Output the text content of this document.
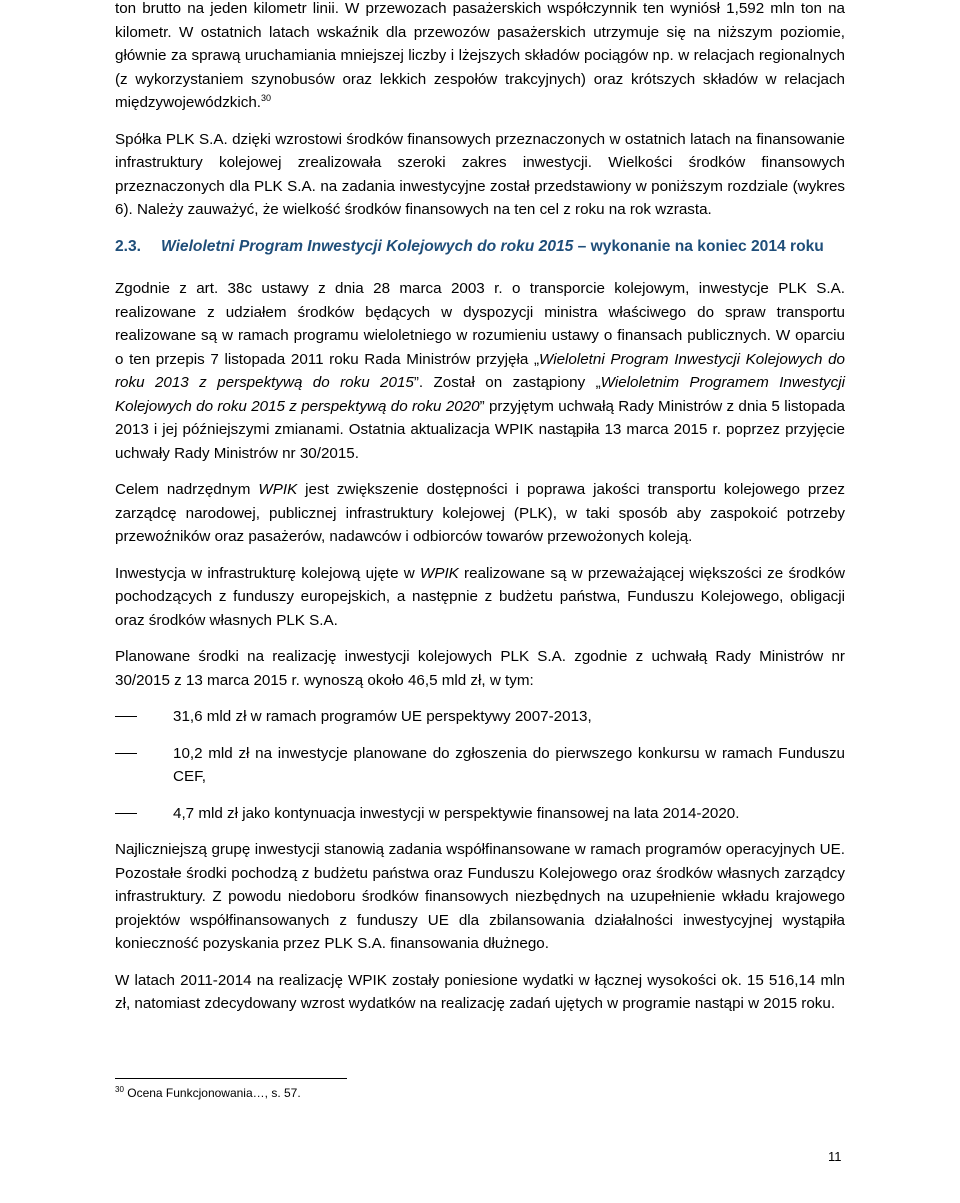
ton brutto na jeden kilometr linii. W przewozach pasażerskich współczynnik ten wyniósł 1,592 mln ton na kilometr. W ostatnich latach wskaźnik dla przewozów pasażerskich utrzymuje się na niższym poziomie, głównie za sprawą uruchamiania mniejszej liczby i lżejszych składów pociągów np. w relacjach regionalnych (z wykorzystaniem szynobusów oraz lekkich zespołów trakcyjnych) oraz krótszych składów w relacjach międzywojewódzkich.$^{30}$

Spółka PLK S.A. dzięki wzrostowi środków finansowych przeznaczonych w ostatnich latach na finansowanie infrastruktury kolejowej zrealizowała szeroki zakres inwestycji. Wielkości środków finansowych przeznaczonych dla PLK S.A. na zadania inwestycyjne został przedstawiony w poniższym rozdziale (wykres 6). Należy zauważyć, że wielkość środków finansowych na ten cel z roku na rok wzrasta.

2.3. Wieloletni Program Inwestycji Kolejowych do roku 2015 – wykonanie na koniec 2014 roku

Zgodnie z art. 38c ustawy z dnia 28 marca 2003 r. o transporcie kolejowym, inwestycje PLK S.A. realizowane z udziałem środków będących w dyspozycji ministra właściwego do spraw transportu realizowane są w ramach programu wieloletniego w rozumieniu ustawy o finansach publicznych. W oparciu o ten przepis 7 listopada 2011 roku Rada Ministrów przyjęła „Wieloletni Program Inwestycji Kolejowych do roku 2013 z perspektywą do roku 2015”. Został on zastąpiony „Wieloletnim Programem Inwestycji Kolejowych do roku 2015 z perspektywą do roku 2020” przyjętym uchwałą Rady Ministrów z dnia 5 listopada 2013 i jej późniejszymi zmianami. Ostatnia aktualizacja WPIK nastąpiła 13 marca 2015 r. poprzez przyjęcie uchwały Rady Ministrów nr 30/2015.

Celem nadrzędnym WPIK jest zwiększenie dostępności i poprawa jakości transportu kolejowego przez zarządcę narodowej, publicznej infrastruktury kolejowej (PLK), w taki sposób aby zaspokoić potrzeby przewoźników oraz pasażerów, nadawców i odbiorców towarów przewożonych koleją.

Inwestycja w infrastrukturę kolejową ujęte w WPIK realizowane są w przeważającej większości ze środków pochodzących z funduszy europejskich, a następnie z budżetu państwa, Funduszu Kolejowego, obligacji oraz środków własnych PLK S.A.

Planowane środki na realizację inwestycji kolejowych PLK S.A. zgodnie z uchwałą Rady Ministrów nr 30/2015 z 13 marca 2015 r. wynoszą około 46,5 mld zł, w tym:

31,6 mld zł w ramach programów UE perspektywy 2007-2013,
10,2 mld zł na inwestycje planowane do zgłoszenia do pierwszego konkursu w ramach Funduszu CEF,
4,7 mld zł jako kontynuacja inwestycji w perspektywie finansowej na lata 2014-2020.

Najliczniejszą grupę inwestycji stanowią zadania współfinansowane w ramach programów operacyjnych UE. Pozostałe środki pochodzą z budżetu państwa oraz Funduszu Kolejowego oraz środków własnych zarządcy infrastruktury. Z powodu niedoboru środków finansowych niezbędnych na uzupełnienie wkładu krajowego projektów współfinansowanych z funduszy UE dla zbilansowania działalności inwestycyjnej wystąpiła konieczność pozyskania przez PLK S.A. finansowania dłużnego.

W latach 2011-2014 na realizację WPIK zostały poniesione wydatki w łącznej wysokości ok. 15 516,14 mln zł, natomiast zdecydowany wzrost wydatków na realizację zadań ujętych w programie nastąpi w 2015 roku.

$^{30}$ Ocena Funkcjonowania…, s. 57.
11
